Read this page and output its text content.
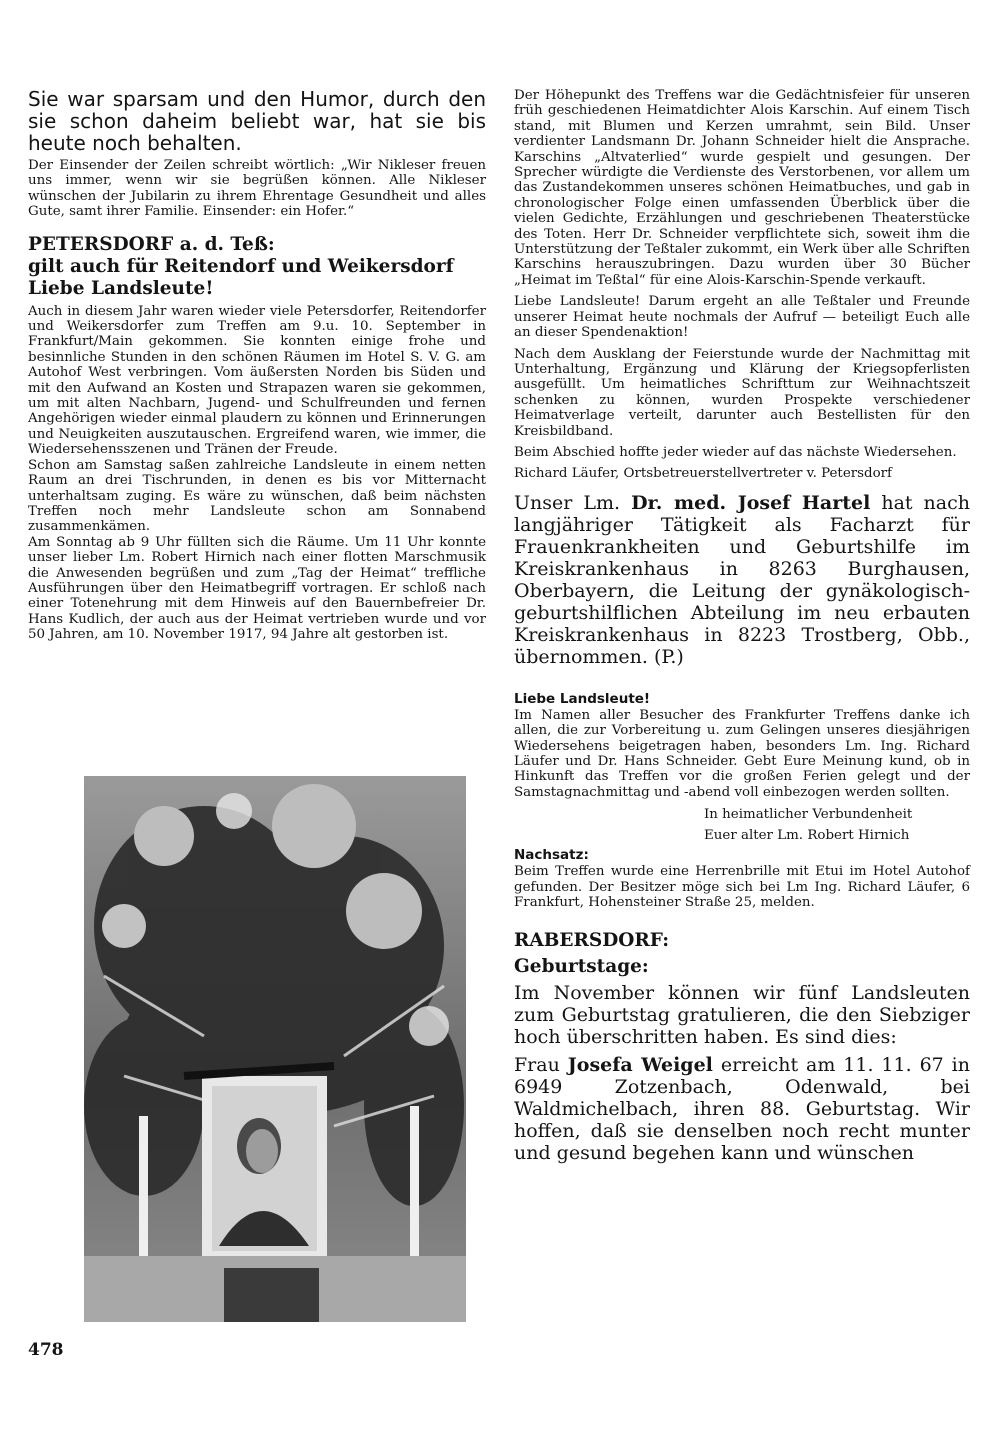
Sie war sparsam und den Humor, durch den sie schon daheim beliebt war, hat sie bis heute noch behalten.

Der Einsender der Zeilen schreibt wörtlich: „Wir Nikleser freuen uns immer, wenn wir sie begrüßen können. Alle Nikleser wünschen der Jubilarin zu ihrem Ehrentage Gesundheit und alles Gute, samt ihrer Familie. Einsender: ein Hofer.“

PETERSDORF a. d. Teß:
gilt auch für Reitendorf und Weikersdorf
Liebe Landsleute!

Auch in diesem Jahr waren wieder viele Petersdorfer, Reitendorfer und Weikersdorfer zum Treffen am 9.u. 10. September in Frankfurt/Main gekommen. Sie konnten einige frohe und besinnliche Stunden in den schönen Räumen im Hotel S. V. G. am Autohof West verbringen. Vom äußersten Norden bis Süden und mit den Aufwand an Kosten und Strapazen waren sie gekommen, um mit alten Nachbarn, Jugend- und Schulfreunden und fernen Angehörigen wieder einmal plaudern zu können und Erinnerungen und Neuigkeiten auszutauschen. Ergreifend waren, wie immer, die Wiedersehensszenen und Tränen der Freude.

Schon am Samstag saßen zahlreiche Landsleute in einem netten Raum an drei Tischrunden, in denen es bis vor Mitternacht unterhaltsam zuging. Es wäre zu wünschen, daß beim nächsten Treffen noch mehr Landsleute schon am Sonnabend zusammenkämen.

Am Sonntag ab 9 Uhr füllten sich die Räume. Um 11 Uhr konnte unser lieber Lm. Robert Hirnich nach einer flotten Marschmusik die Anwesenden begrüßen und zum „Tag der Heimat“ treffliche Ausführungen über den Heimatbegriff vortragen. Er schloß nach einer Totenehrung mit dem Hinweis auf den Bauernbefreier Dr. Hans Kudlich, der auch aus der Heimat vertrieben wurde und vor 50 Jahren, am 10. November 1917, 94 Jahre alt gestorben ist.

Der Höhepunkt des Treffens war die Gedächtnisfeier für unseren früh geschiedenen Heimatdichter Alois Karschin. Auf einem Tisch stand, mit Blumen und Kerzen umrahmt, sein Bild. Unser verdienter Landsmann Dr. Johann Schneider hielt die Ansprache. Karschins „Altvaterlied“ wurde gespielt und gesungen. Der Sprecher würdigte die Verdienste des Verstorbenen, vor allem um das Zustandekommen unseres schönen Heimatbuches, und gab in chronologischer Folge einen umfassenden Überblick über die vielen Gedichte, Erzählungen und geschriebenen Theaterstücke des Toten. Herr Dr. Schneider verpflichtete sich, soweit ihm die Unterstützung der Teßtaler zukommt, ein Werk über alle Schriften Karschins herauszubringen. Dazu wurden über 30 Bücher „Heimat im Teßtal“ für eine Alois-Karschin-Spende verkauft.

Liebe Landsleute! Darum ergeht an alle Teßtaler und Freunde unserer Heimat heute nochmals der Aufruf — beteiligt Euch alle an dieser Spendenaktion!

Nach dem Ausklang der Feierstunde wurde der Nachmittag mit Unterhaltung, Ergänzung und Klärung der Kriegsopferlisten ausgefüllt. Um heimatliches Schrifttum zur Weihnachtszeit schenken zu können, wurden Prospekte verschiedener Heimatverlage verteilt, darunter auch Bestellisten für den Kreisbildband.

Beim Abschied hoffte jeder wieder auf das nächste Wiedersehen.

Richard Läufer, Ortsbetreuerstellvertreter v. Petersdorf

Unser Lm. Dr. med. Josef Hartel hat nach langjähriger Tätigkeit als Facharzt für Frauenkrankheiten und Geburtshilfe im Kreiskrankenhaus in 8263 Burghausen, Oberbayern, die Leitung der gynäkologisch-geburtshilflichen Abteilung im neu erbauten Kreiskrankenhaus in 8223 Trostberg, Obb., übernommen. (P.)

Liebe Landsleute!

Im Namen aller Besucher des Frankfurter Treffens danke ich allen, die zur Vorbereitung u. zum Gelingen unseres diesjährigen Wiedersehens beigetragen haben, besonders Lm. Ing. Richard Läufer und Dr. Hans Schneider. Gebt Eure Meinung kund, ob in Hinkunft das Treffen vor die großen Ferien gelegt und der Samstagnachmittag und -abend voll einbezogen werden sollten.

In heimatlicher Verbundenheit
Euer alter Lm. Robert Hirnich
Nachsatz:

Beim Treffen wurde eine Herrenbrille mit Etui im Hotel Autohof gefunden. Der Besitzer möge sich bei Lm Ing. Richard Läufer, 6 Frankfurt, Hohensteiner Straße 25, melden.

RABERSDORF:
Geburtstage:

Im November können wir fünf Landsleuten zum Geburtstag gratulieren, die den Siebziger hoch überschritten haben. Es sind dies:

Frau Josefa Weigel erreicht am 11. 11. 67 in 6949 Zotzenbach, Odenwald, bei Waldmichelbach, ihren 88. Geburtstag. Wir hoffen, daß sie denselben noch recht munter und gesund begehen kann und wünschen

478
